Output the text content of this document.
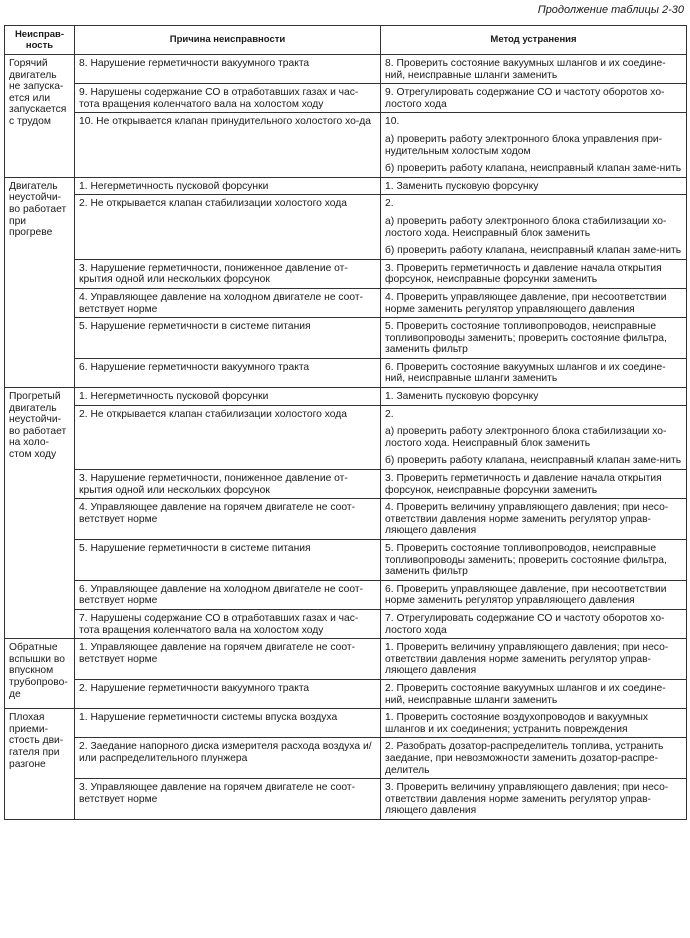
Продолжение таблицы 2-30
Неисправ-
ность	Причина неисправности	Метод устранения
Горячий двигатель не запуска-ется или запускается с трудом	8. Нарушение герметичности вакуумного тракта	8. Проверить состояние вакуумных шлангов и их соедине-ний, неисправные шланги заменить

	9. Нарушены содержание СО в отработавших газах и час-тота вращения коленчатого вала на холостом ходу	9. Отрегулировать содержание СО и частоту оборотов хо-лостого хода

	10. Не открывается клапан принудительного холостого хо-да	10.
а) проверить работу электронного блока управления при-нудительным холостым ходом
б) проверить работу клапана, неисправный клапан заме-нить

Двигатель неустойчи-во работает при прогреве	1. Негерметичность пусковой форсунки	1. Заменить пусковую форсунку

	2. Не открывается клапан стабилизации холостого хода	2.
а) проверить работу электронного блока стабилизации хо-лостого хода. Неисправный блок заменить
б) проверить работу клапана, неисправный клапан заме-нить

	3. Нарушение герметичности, пониженное давление от-крытия одной или нескольких форсунок	3. Проверить герметичность и давление начала открытия форсунок, неисправные форсунки заменить

	4. Управляющее давление на холодном двигателе не соот-ветствует норме	4. Проверить управляющее давление, при несоответствии норме заменить регулятор управляющего давления

	5. Нарушение герметичности в системе питания	5. Проверить состояние топливопроводов, неисправные топливопроводы заменить; проверить состояние фильтра, заменить фильтр

	6. Нарушение герметичности вакуумного тракта	6. Проверить состояние вакуумных шлангов и их соедине-ний, неисправные шланги заменить

Прогретый двигатель неустойчи-во работает на холо-стом ходу	1. Негерметичность пусковой форсунки	1. Заменить пусковую форсунку

	2. Не открывается клапан стабилизации холостого хода	2.
а) проверить работу электронного блока стабилизации хо-лостого хода. Неисправный блок заменить
б) проверить работу клапана, неисправный клапан заме-нить

	3. Нарушение герметичности, пониженное давление от-крытия одной или нескольких форсунок	3. Проверить герметичность и давление начала открытия форсунок, неисправные форсунки заменить

	4. Управляющее давление на горячем двигателе не соот-ветствует норме	4. Проверить величину управляющего давления; при несо-ответствии давления норме заменить регулятор управ-ляющего давления

	5. Нарушение герметичности в системе питания	5. Проверить состояние топливопроводов, неисправные топливопроводы заменить; проверить состояние фильтра, заменить фильтр

	6. Управляющее давление на холодном двигателе не соот-ветствует норме	6. Проверить управляющее давление, при несоответствии норме заменить регулятор управляющего давления

	7. Нарушены содержание СО в отработавших газах и час-тота вращения коленчатого вала на холостом ходу	7. Отрегулировать содержание СО и частоту оборотов хо-лостого хода

Обратные вспышки во впускном трубопрово-де	1. Управляющее давление на горячем двигателе не соот-ветствует норме	1. Проверить величину управляющего давления; при несо-ответствии давления норме заменить регулятор управ-ляющего давления

	2. Нарушение герметичности вакуумного тракта	2. Проверить состояние вакуумных шлангов и их соедине-ний, неисправные шланги заменить

Плохая приеми-стость дви-гателя при разгоне	1. Нарушение герметичности системы впуска воздуха	1. Проверить состояние воздухопроводов и вакуумных шлангов и их соединения; устранить повреждения

	2. Заедание напорного диска измерителя расхода воздуха и/или распределительного плунжера	2. Разобрать дозатор-распределитель топлива, устранить заедание, при невозможности заменить дозатор-распре-делитель

	3. Управляющее давление на горячем двигателе не соот-ветствует норме	3. Проверить величину управляющего давления; при несо-ответствии давления норме заменить регулятор управ-ляющего давления
